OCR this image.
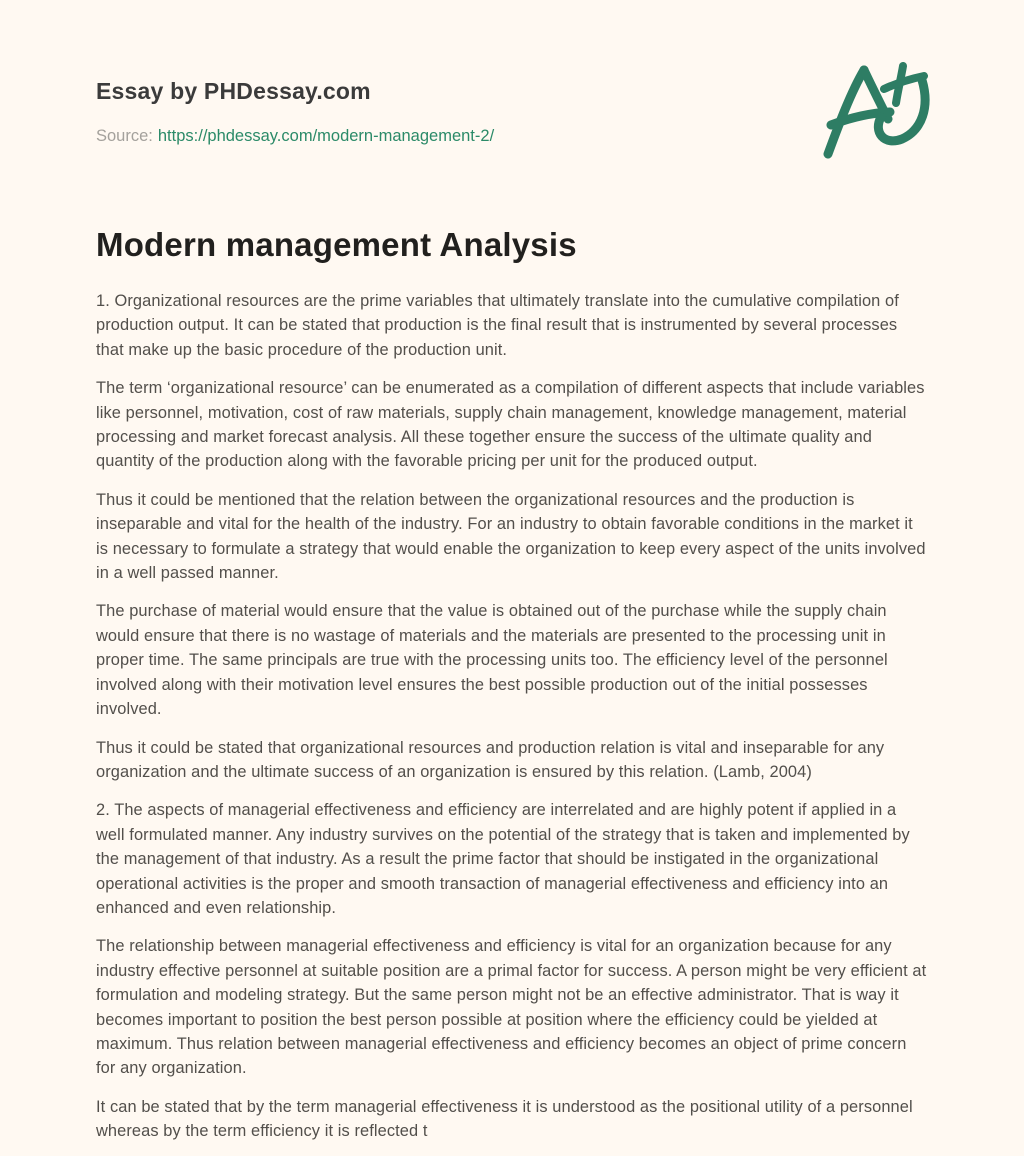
Essay by PHDessay.com
Source: https://phdessay.com/modern-management-2/
Modern management Analysis

1. Organizational resources are the prime variables that ultimately translate into the cumulative compilation of production output. It can be stated that production is the final result that is instrumented by several processes that make up the basic procedure of the production unit.

The term ‘organizational resource’ can be enumerated as a compilation of different aspects that include variables like personnel, motivation, cost of raw materials, supply chain management, knowledge management, material processing and market forecast analysis. All these together ensure the success of the ultimate quality and quantity of the production along with the favorable pricing per unit for the produced output.

Thus it could be mentioned that the relation between the organizational resources and the production is inseparable and vital for the health of the industry. For an industry to obtain favorable conditions in the market it is necessary to formulate a strategy that would enable the organization to keep every aspect of the units involved in a well passed manner.

The purchase of material would ensure that the value is obtained out of the purchase while the supply chain would ensure that there is no wastage of materials and the materials are presented to the processing unit in proper time. The same principals are true with the processing units too. The efficiency level of the personnel involved along with their motivation level ensures the best possible production out of the initial possesses involved.

Thus it could be stated that organizational resources and production relation is vital and inseparable for any organization and the ultimate success of an organization is ensured by this relation. (Lamb, 2004)

2. The aspects of managerial effectiveness and efficiency are interrelated and are highly potent if applied in a well formulated manner. Any industry survives on the potential of the strategy that is taken and implemented by the management of that industry. As a result the prime factor that should be instigated in the organizational operational activities is the proper and smooth transaction of managerial effectiveness and efficiency into an enhanced and even relationship.

The relationship between managerial effectiveness and efficiency is vital for an organization because for any industry effective personnel at suitable position are a primal factor for success. A person might be very efficient at formulation and modeling strategy. But the same person might not be an effective administrator. That is way it becomes important to position the best person possible at position where the efficiency could be yielded at maximum. Thus relation between managerial effectiveness and efficiency becomes an object of prime concern for any organization.

It can be stated that by the term managerial effectiveness it is understood as the positional utility of a personnel whereas by the term efficiency it is reflected t
